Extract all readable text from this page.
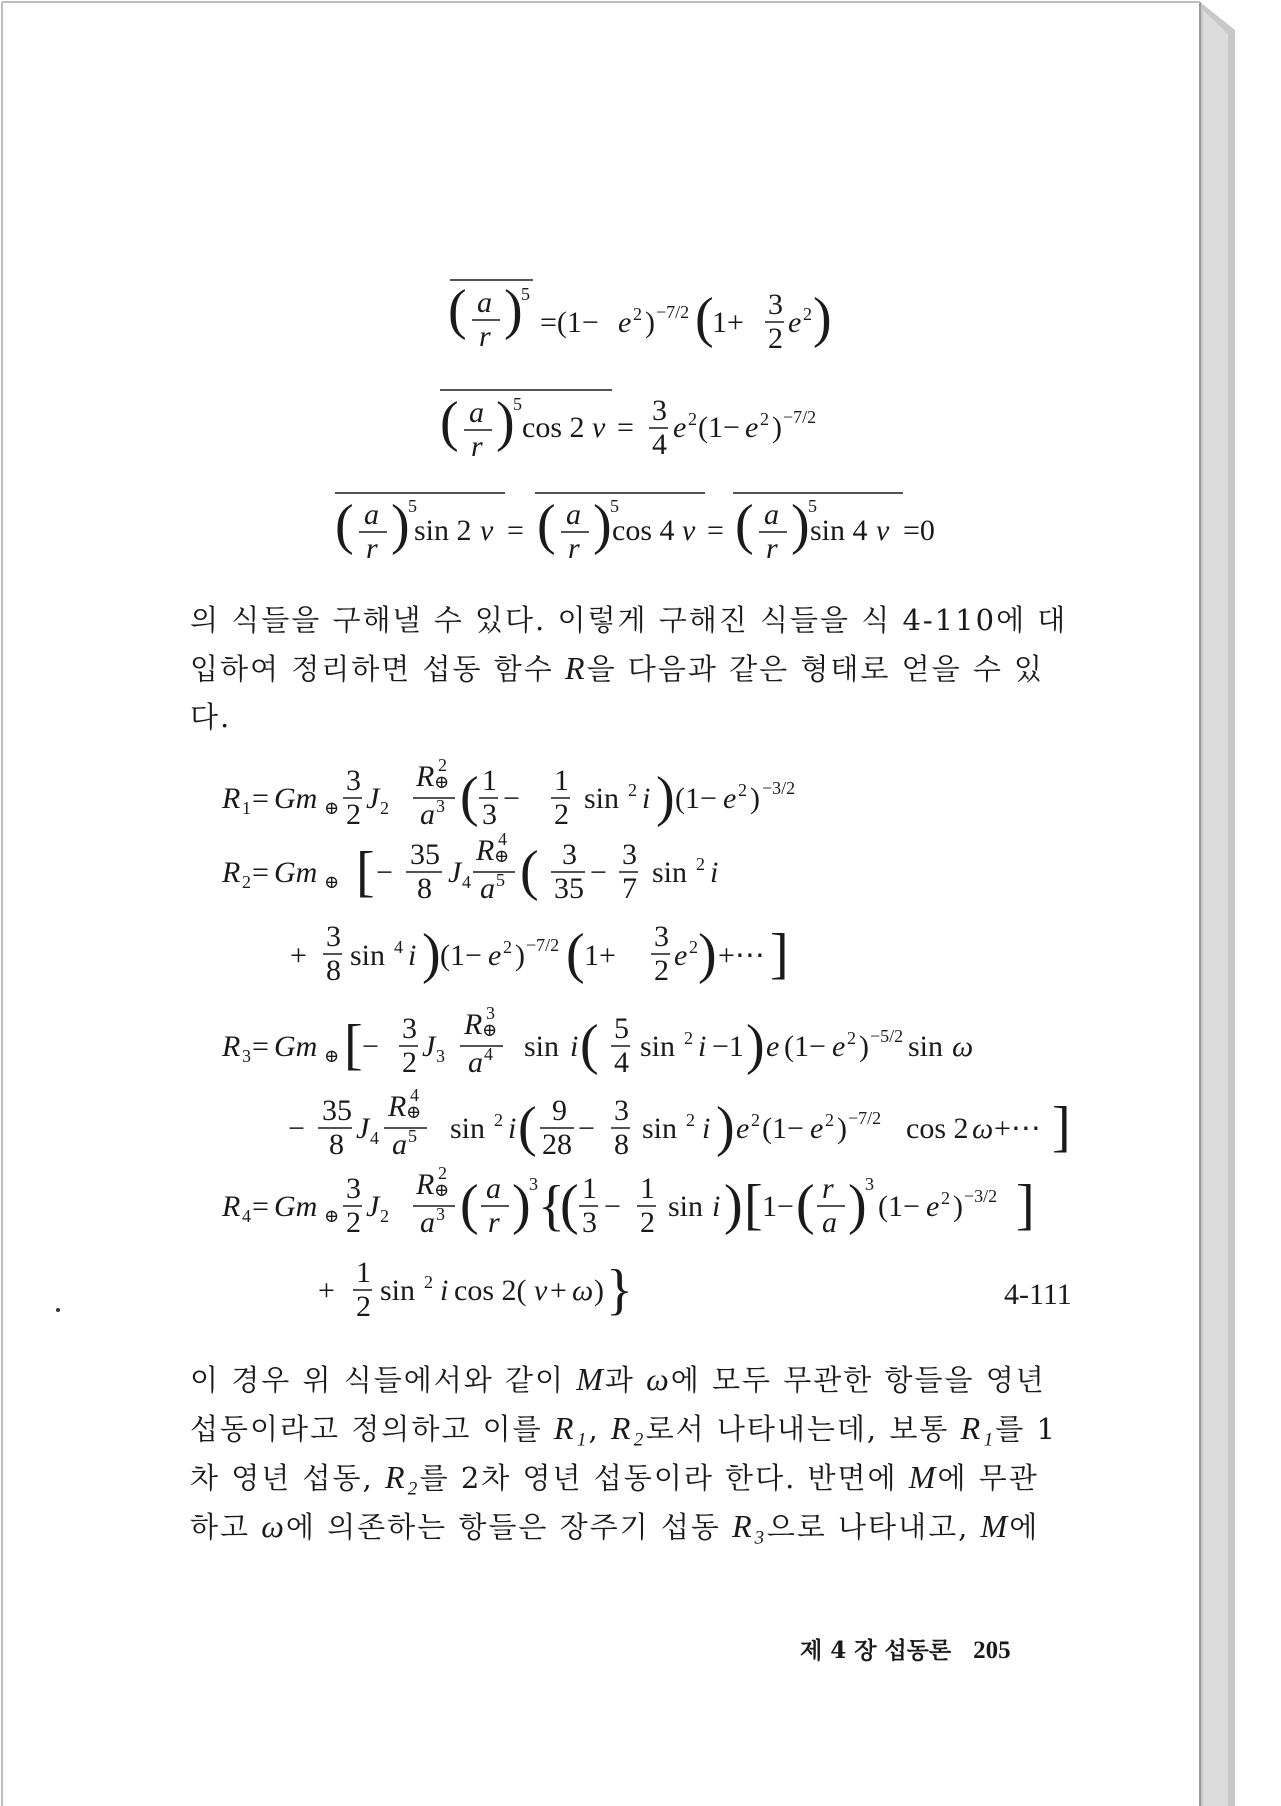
( a
r )
5
=(1− e 2 ) −7/2 (
1+
3
2 e 2 )
( a
r )
5
cos 2 ν =
3
4
e 2 (1− e 2 ) −7/2
( a
r )
5
sin 2 ν = ( a
r )
5
cos 4 ν = ( a
r )
5
sin 4 ν =0
의 식들을 구해낼 수 있다. 이렇게 구해진 식들을 식 4-110에 대
입하여 정리하면 섭동 함수 R을 다음과 같은 형태로 얻을 수 있
다.
R 1 = Gm ⊕
3
2 J 2
R 2
⊕
a 3 ( 1
3 −
1
2 sin 2 i ) (1− e 2 ) −3/2
R 2 = Gm ⊕ [ −
35
8 J 4
R 4
⊕
a 5 ( 3
35 −
3
7 sin 2 i
+
3
8 sin 4 i ) (1− e 2 ) −7/2 ( 1+
3
2 e 2 ) +⋯ ]
R 3 = Gm ⊕ [ −
3
2 J 3
R 3
⊕
a 4 sin i ( 5
4 sin 2 i −1 ) e (1− e 2 ) −5/2 sin ω
−
35
8 J 4
R 4
⊕
a 5 sin 2 i ( 9
28 −
3
8 sin 2 i ) e 2 (1− e 2 ) −7/2 cos 2 ω +⋯ ]
R 4 = Gm ⊕
3
2 J 2
R 2
⊕
a 3 ( a
r )
3 {
( 1
3 −
1
2 sin i ) [ 1− ( r
a )
3
(1− e 2 ) −3/2 ]
+
1
2 sin 2 i cos 2( ν + ω ) }	4-111
이 경우 위 식들에서와 같이 M과 ω에 모두 무관한 항들을 영년
섭동이라고 정의하고 이를 R₁, R₂로서 나타내는데, 보통 R₁를 1
차 영년 섭동, R₂를 2차 영년 섭동이라 한다. 반면에 M에 무관
하고 ω에 의존하는 항들은 장주기 섭동 R₃으로 나타내고, M에
제 4 장 섭동론 205
